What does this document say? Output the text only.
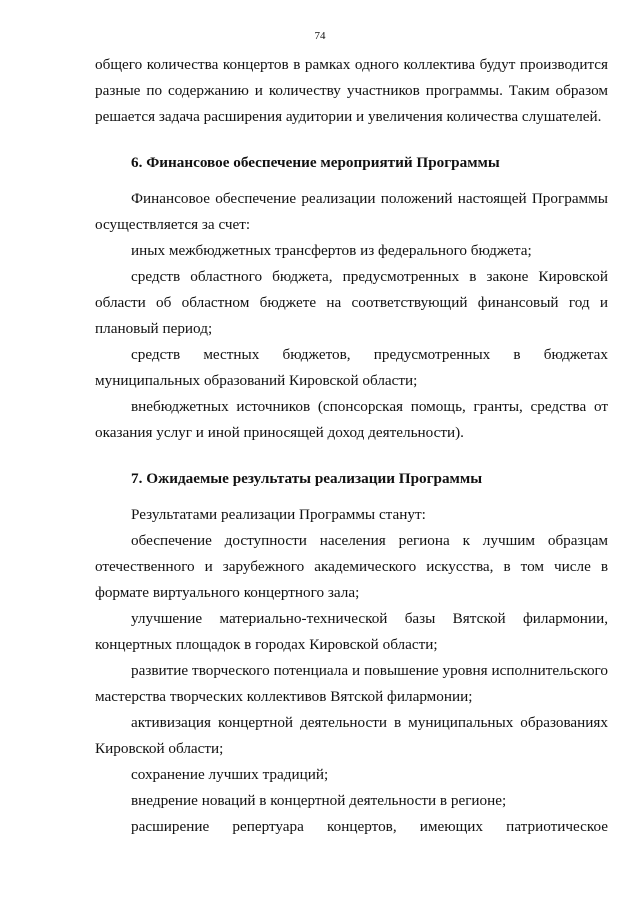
74

общего количества концертов в рамках одного коллектива будут производится разные по содержанию и количеству участников программы. Таким образом решается задача расширения аудитории и увеличения количества слушателей.

6. Финансовое обеспечение мероприятий Программы

Финансовое обеспечение реализации положений настоящей Программы осуществляется за счет:

иных межбюджетных трансфертов из федерального бюджета;

средств областного бюджета, предусмотренных в законе Кировской области об областном бюджете на соответствующий финансовый год и плановый период;

средств местных бюджетов, предусмотренных в бюджетах муниципальных образований Кировской области;

внебюджетных источников (спонсорская помощь, гранты, средства от оказания услуг и иной приносящей доход деятельности).

7. Ожидаемые результаты реализации Программы

Результатами реализации Программы станут:

обеспечение доступности населения региона к лучшим образцам отечественного и зарубежного академического искусства, в том числе в формате виртуального концертного зала;

улучшение материально-технической базы Вятской филармонии, концертных площадок в городах Кировской области;

развитие творческого потенциала и повышение уровня исполнительского мастерства творческих коллективов Вятской филармонии;

активизация концертной деятельности в муниципальных образованиях Кировской области;

сохранение лучших традиций;

внедрение новаций в концертной деятельности в регионе;

расширение репертуара концертов, имеющих патриотическое
